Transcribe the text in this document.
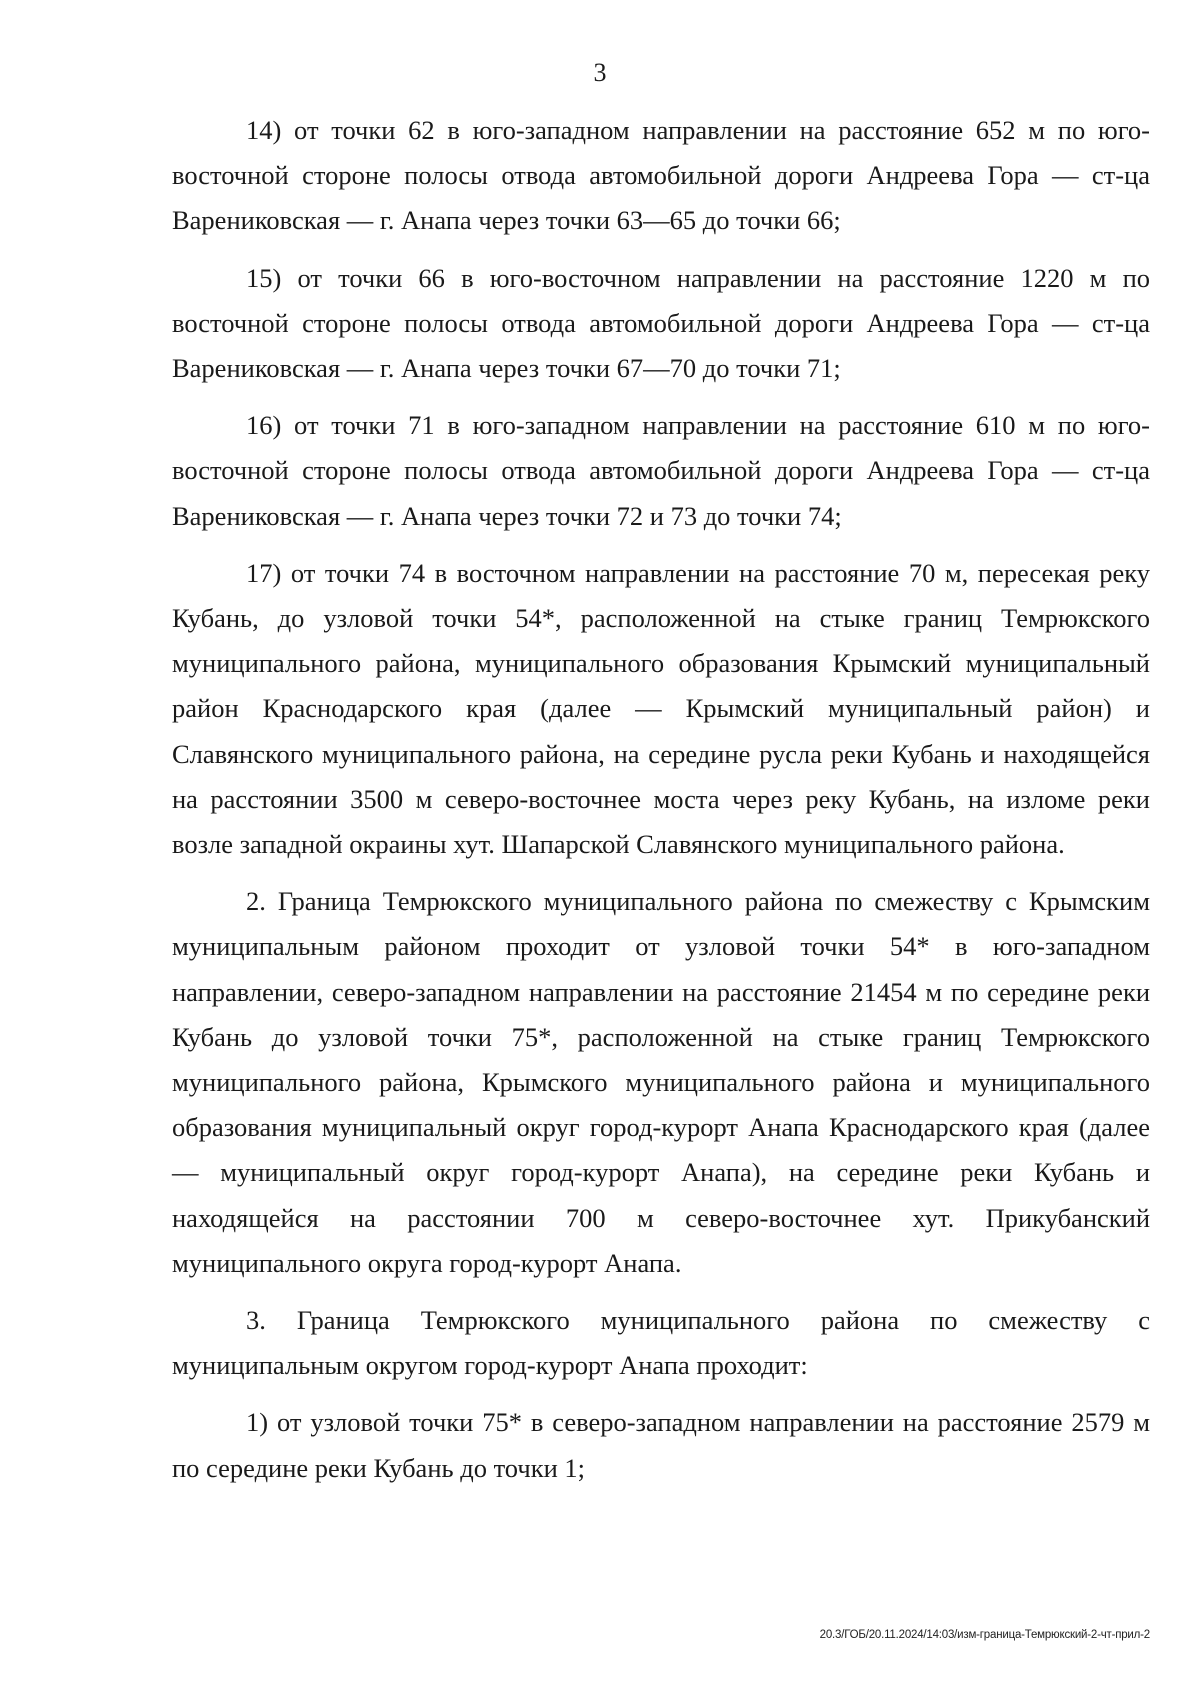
3

14) от точки 62 в юго-западном направлении на расстояние 652 м по юго-восточной стороне полосы отвода автомобильной дороги Андреева Гора — ст-ца Варениковская — г. Анапа через точки 63—65 до точки 66;

15) от точки 66 в юго-восточном направлении на расстояние 1220 м по восточной стороне полосы отвода автомобильной дороги Андреева Гора — ст-ца Варениковская — г. Анапа через точки 67—70 до точки 71;

16) от точки 71 в юго-западном направлении на расстояние 610 м по юго-восточной стороне полосы отвода автомобильной дороги Андреева Гора — ст-ца Варениковская — г. Анапа через точки 72 и 73 до точки 74;

17) от точки 74 в восточном направлении на расстояние 70 м, пересекая реку Кубань, до узловой точки 54*, расположенной на стыке границ Темрюкского муниципального района, муниципального образования Крымский муниципальный район Краснодарского края (далее — Крымский муниципальный район) и Славянского муниципального района, на середине русла реки Кубань и находящейся на расстоянии 3500 м северо-восточнее моста через реку Кубань, на изломе реки возле западной окраины хут. Шапарской Славянского муниципального района.

2. Граница Темрюкского муниципального района по смежеству с Крымским муниципальным районом проходит от узловой точки 54* в юго-западном направлении, северо-западном направлении на расстояние 21454 м по середине реки Кубань до узловой точки 75*, расположенной на стыке границ Темрюкского муниципального района, Крымского муниципального района и муниципального образования муниципальный округ город-курорт Анапа Краснодарского края (далее — муниципальный округ город-курорт Анапа), на середине реки Кубань и находящейся на расстоянии 700 м северо-восточнее хут. Прикубанский муниципального округа город-курорт Анапа.

3. Граница Темрюкского муниципального района по смежеству с муниципальным округом город-курорт Анапа проходит:

1) от узловой точки 75* в северо-западном направлении на расстояние 2579 м по середине реки Кубань до точки 1;

20.3/ГОБ/20.11.2024/14:03/изм-граница-Темрюкский-2-чт-прил-2
